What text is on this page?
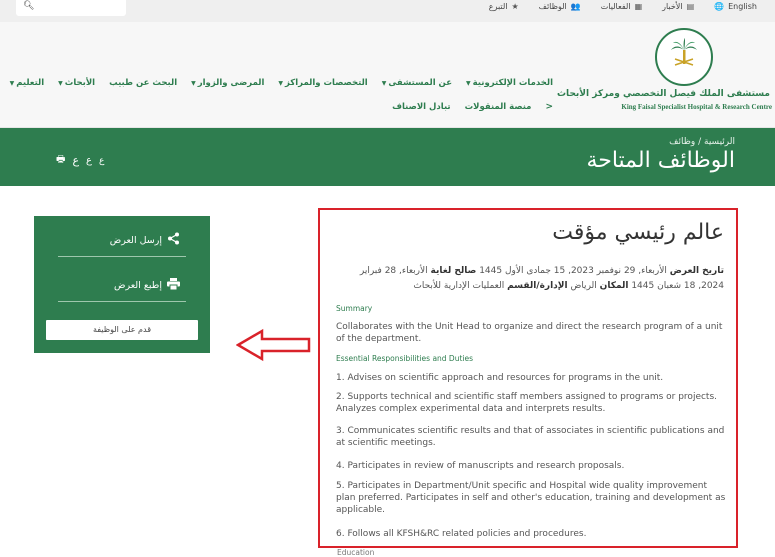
🔍︎	🌐 English
▤
الأخبار
▦
الفعاليات
👥
الوظائف
★
التبرع
مستشفى الملك فيصل التخصصي ومركز الأبحاث
King Faisal Specialist Hospital & Research Centre
الخدمات الإلكترونية▼
عن المستشفى▼
التخصصات والمراكز▼
المرضى والزوار▼
البحث عن طبيب
الأبحاث▼
التعليم▼
<
منصة المنقولات
تبادل الاصناف
الرئيسية / وظائف
الوظائف المتاحة
ع
ع
ع
🖶︎
إرسل العرض
إطبع العرض
قدم على الوظيفة
عالم رئيسي مؤقت
تاريخ العرض الأربعاء, 29 نوفمبر 2023, 15 جمادى الأول 1445 صالح لغاية الأربعاء, 28 فبراير 2024, 18 شعبان 1445 المكان الرياض الإدارة/القسم العمليات الإدارية للأبحاث
Summary
Collaborates with the Unit Head to organize and direct the research program of a unit of the department.
Essential Responsibilities and Duties
1. Advises on scientific approach and resources for programs in the unit.
2. Supports technical and scientific staff members assigned to programs or projects. Analyzes complex experimental data and interprets results.
3. Communicates scientific results and that of associates in scientific publications and at scientific meetings.
4. Participates in review of manuscripts and research proposals.
5. Participates in Department/Unit specific and Hospital wide quality improvement plan preferred. Participates in self and other's education, training and development as applicable.
6. Follows all KFSH&RC related policies and procedures.
Education
